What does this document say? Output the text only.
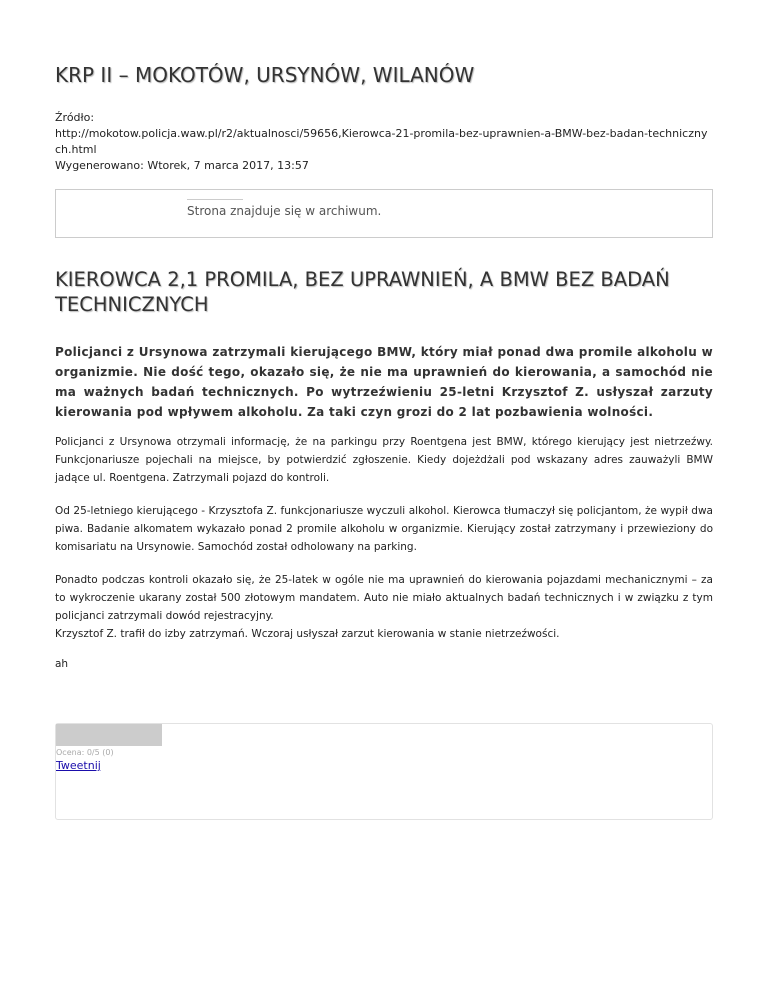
KRP II – MOKOTÓW, URSYNÓW, WILANÓW
Źródło:
http://mokotow.policja.waw.pl/r2/aktualnosci/59656,Kierowca-21-promila-bez-uprawnien-a-BMW-bez-badan-technicznych.html
Wygenerowano: Wtorek, 7 marca 2017, 13:57
Strona znajduje się w archiwum.
KIEROWCA 2,1 PROMILA, BEZ UPRAWNIEŃ, A BMW BEZ BADAŃ TECHNICZNYCH

Policjanci z Ursynowa zatrzymali kierującego BMW, który miał ponad dwa promile alkoholu w organizmie. Nie dość tego, okazało się, że nie ma uprawnień do kierowania, a samochód nie ma ważnych badań technicznych. Po wytrzeźwieniu 25-letni Krzysztof Z. usłyszał zarzuty kierowania pod wpływem alkoholu. Za taki czyn grozi do 2 lat pozbawienia wolności.

Policjanci z Ursynowa otrzymali informację, że na parkingu przy Roentgena jest BMW, którego kierujący jest nietrzeźwy. Funkcjonariusze pojechali na miejsce, by potwierdzić zgłoszenie. Kiedy dojeżdżali pod wskazany adres zauważyli BMW jadące ul. Roentgena. Zatrzymali pojazd do kontroli.

Od 25-letniego kierującego - Krzysztofa Z. funkcjonariusze wyczuli alkohol. Kierowca tłumaczył się policjantom, że wypił dwa piwa. Badanie alkomatem wykazało ponad 2 promile alkoholu w organizmie. Kierujący został zatrzymany i przewieziony do komisariatu na Ursynowie. Samochód został odholowany na parking.

Ponadto podczas kontroli okazało się, że 25-latek w ogóle nie ma uprawnień do kierowania pojazdami mechanicznymi – za to wykroczenie ukarany został 500 złotowym mandatem. Auto nie miało aktualnych badań technicznych i w związku z tym policjanci zatrzymali dowód rejestracyjny.
Krzysztof Z. trafił do izby zatrzymań. Wczoraj usłyszał zarzut kierowania w stanie nietrzeźwości.

ah

Ocena: 0/5 (0)
Tweetnij
